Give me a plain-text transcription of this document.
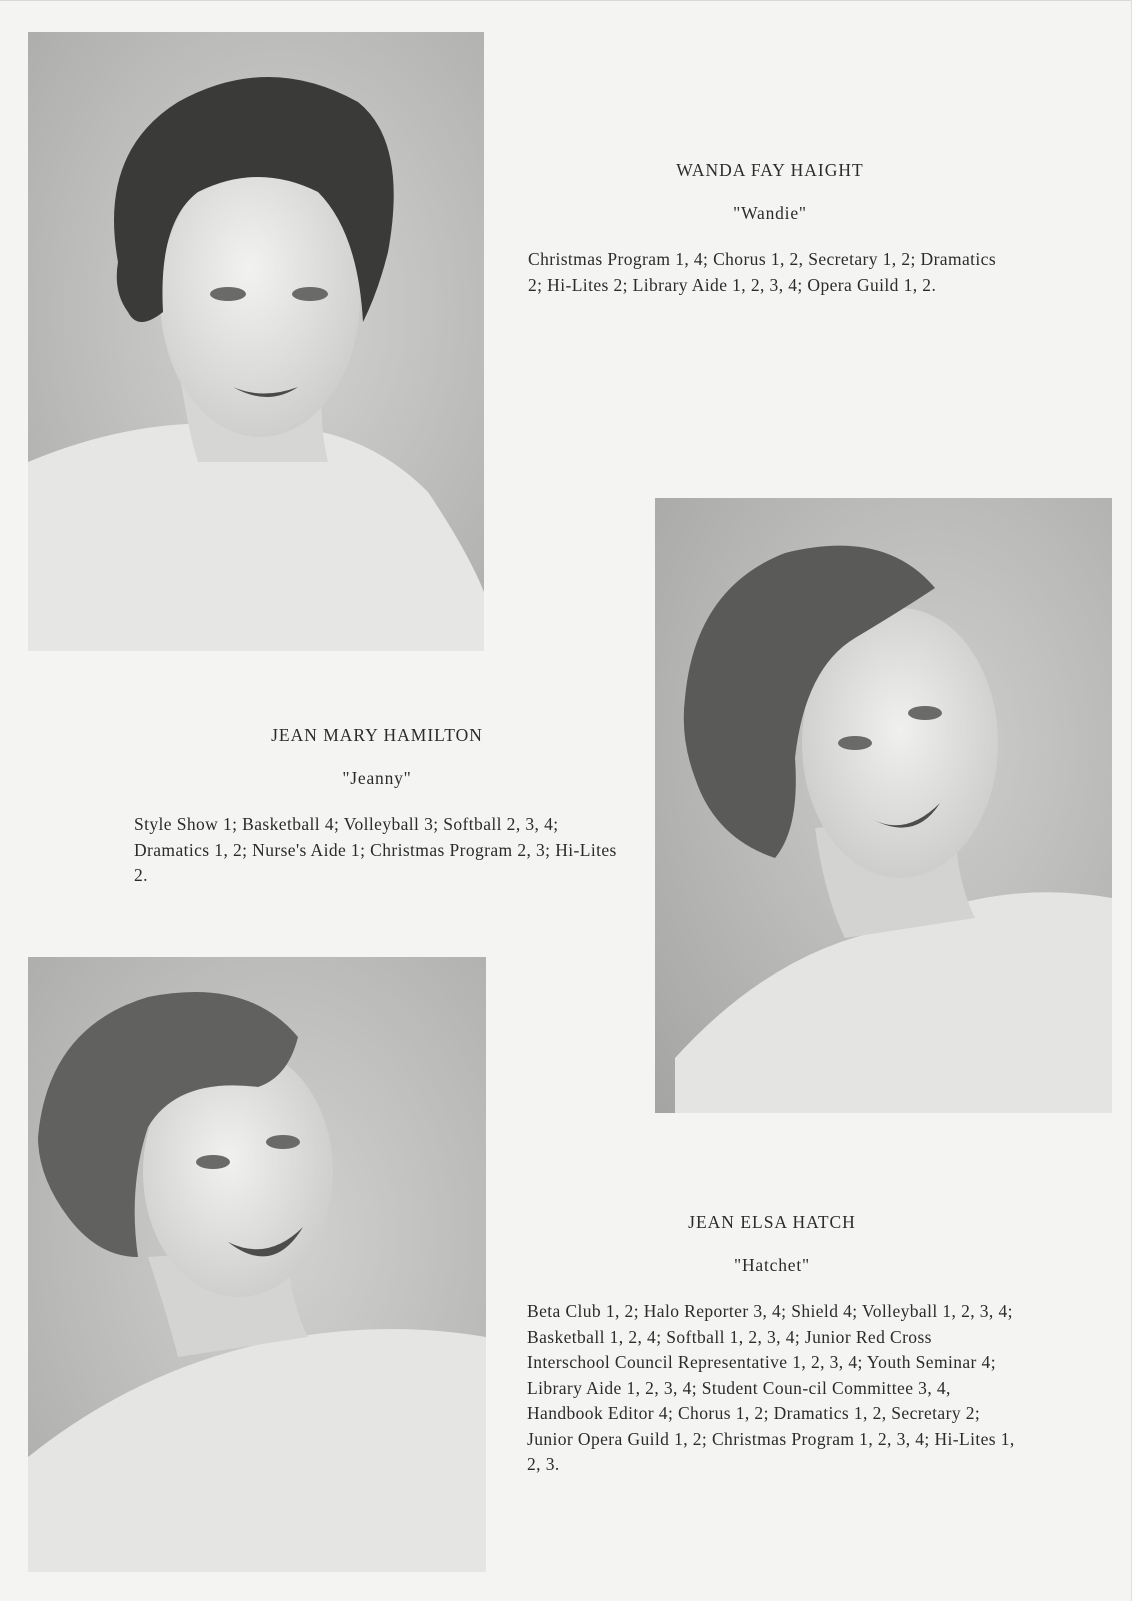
WANDA FAY HAIGHT

"Wandie"

Christmas Program 1, 4; Chorus 1, 2, Secretary 1, 2; Dramatics 2; Hi-Lites 2; Library Aide 1, 2, 3, 4; Opera Guild 1, 2.

JEAN MARY HAMILTON

"Jeanny"

Style Show 1; Basketball 4; Volleyball 3; Softball 2, 3, 4; Dramatics 1, 2; Nurse's Aide 1; Christmas Program 2, 3; Hi-Lites 2.

JEAN ELSA HATCH

"Hatchet"

Beta Club 1, 2; Halo Reporter 3, 4; Shield 4; Volleyball 1, 2, 3, 4; Basketball 1, 2, 4; Softball 1, 2, 3, 4; Junior Red Cross Interschool Council Representative 1, 2, 3, 4; Youth Seminar 4; Library Aide 1, 2, 3, 4; Student Coun-cil Committee 3, 4, Handbook Editor 4; Chorus 1, 2; Dramatics 1, 2, Secretary 2; Junior Opera Guild 1, 2; Christmas Program 1, 2, 3, 4; Hi-Lites 1, 2, 3.
